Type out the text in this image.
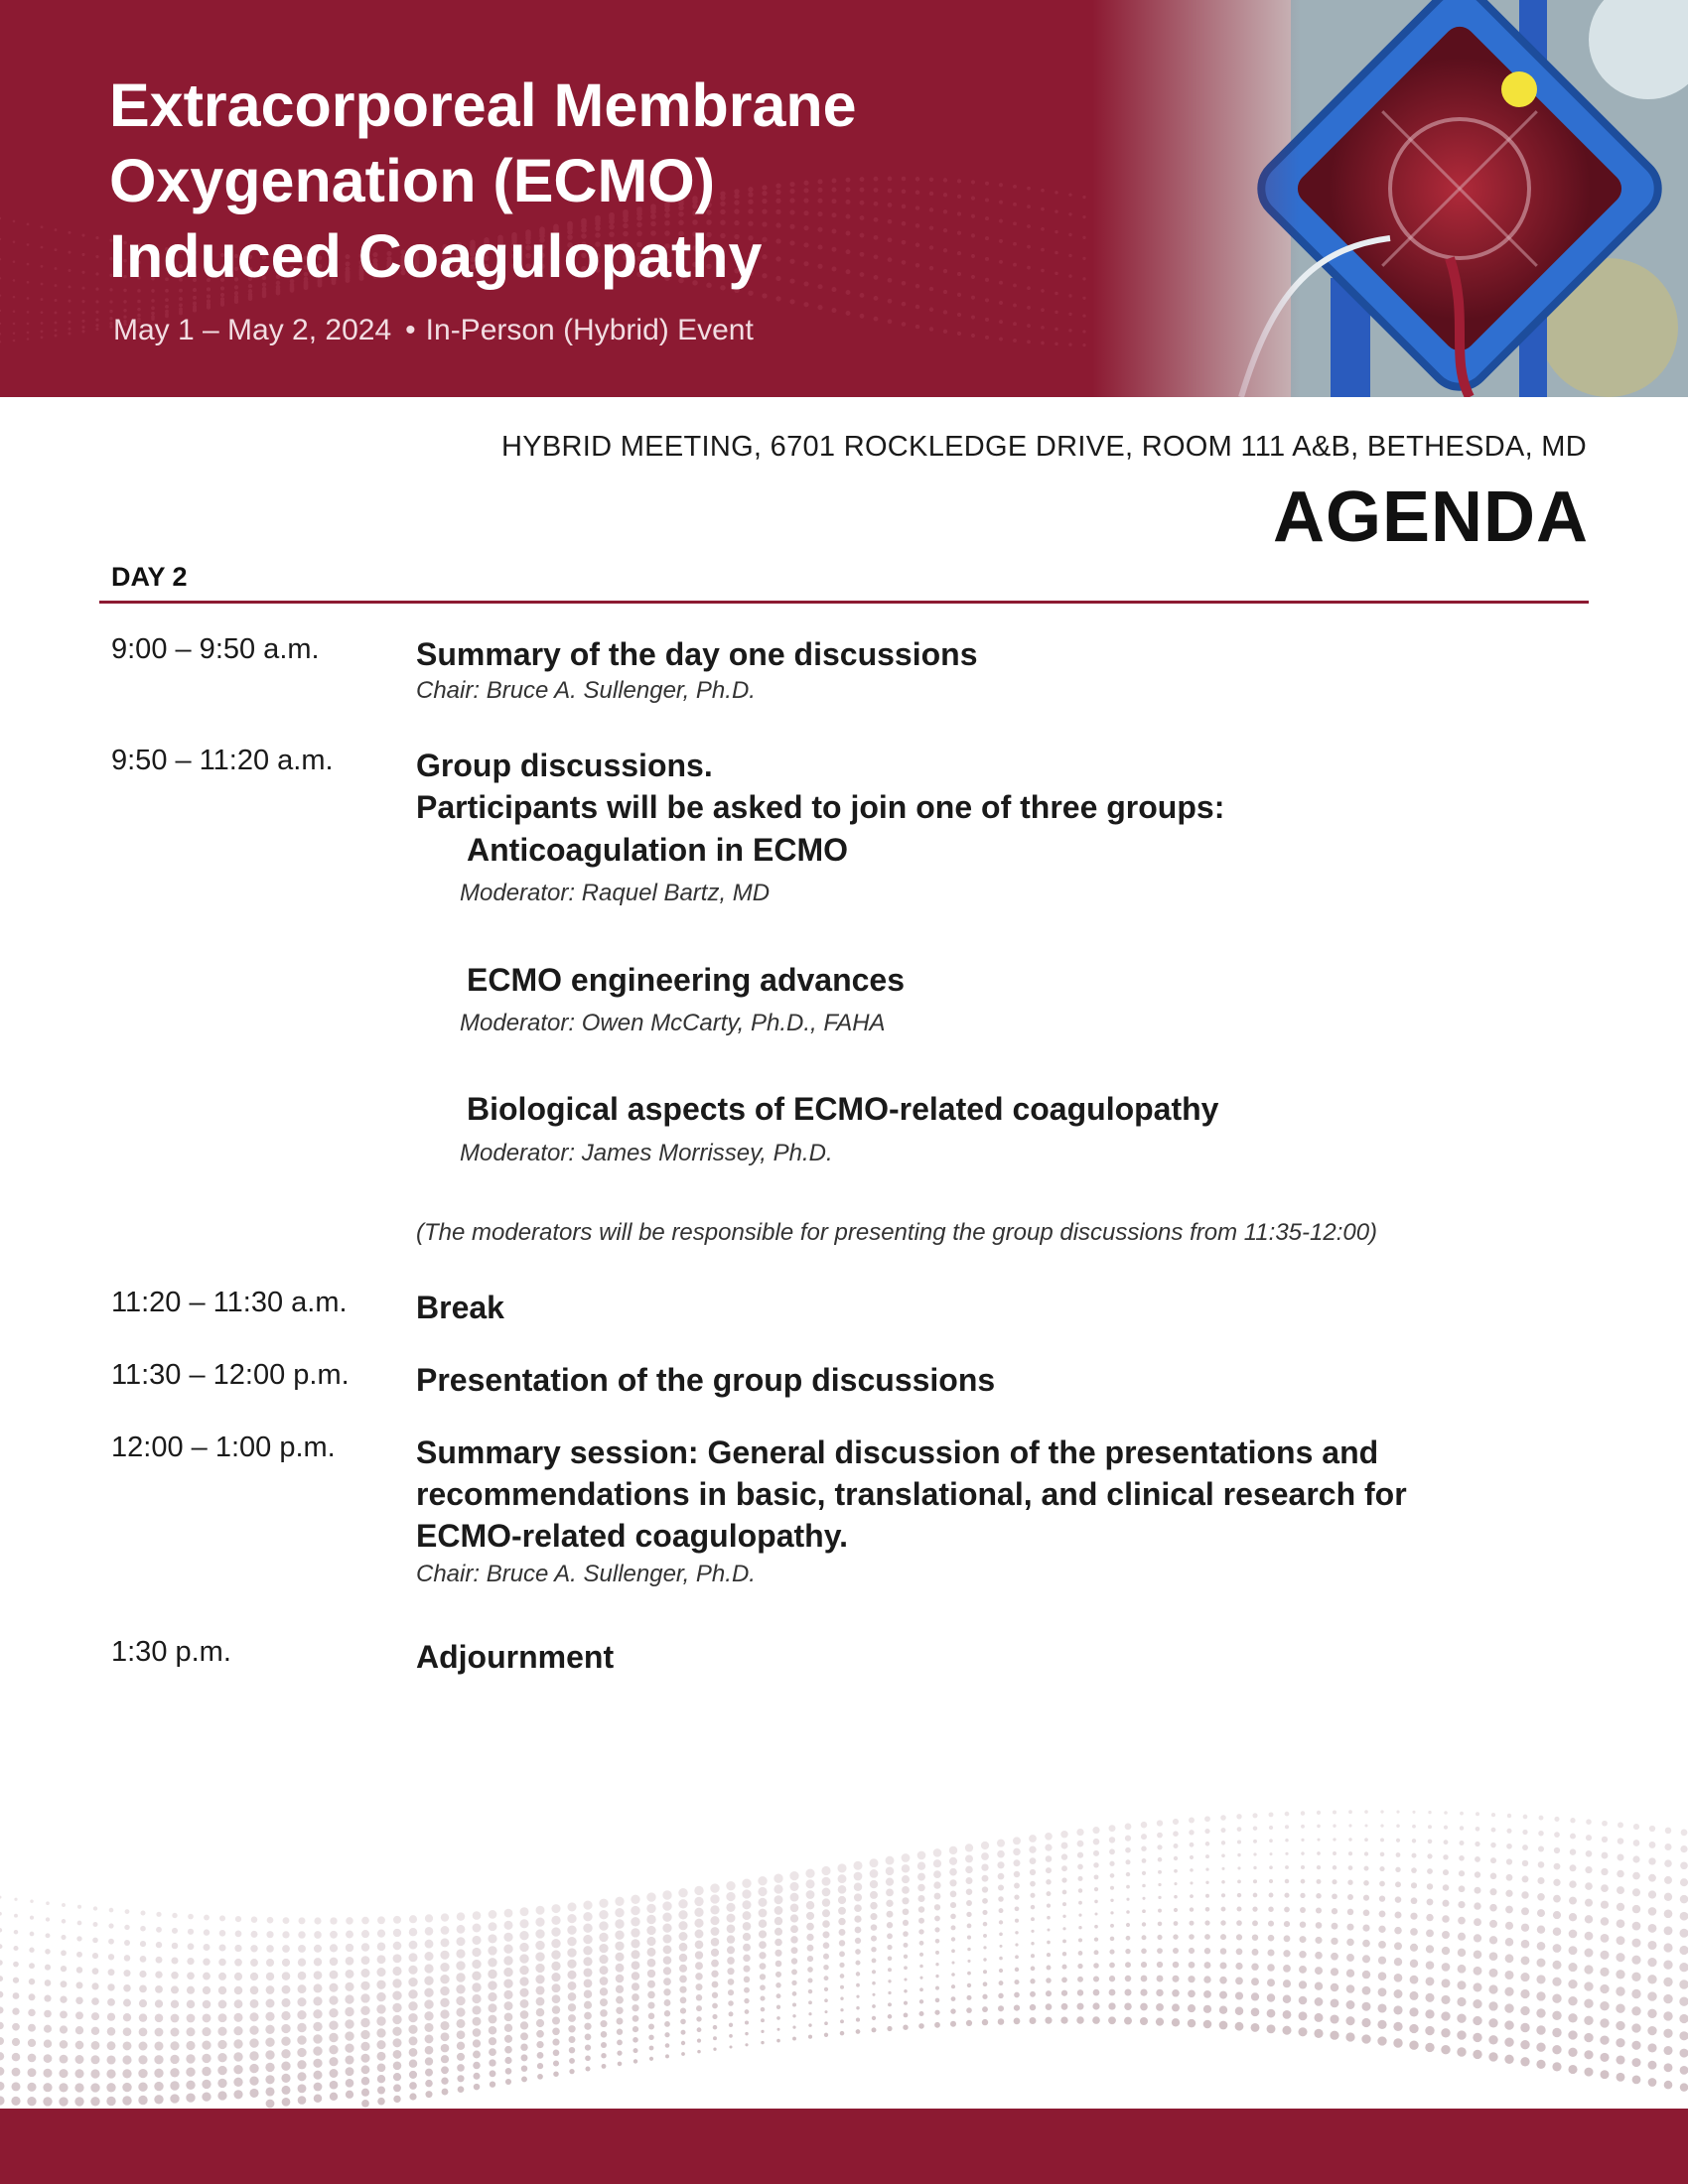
Extracorporeal Membrane
Oxygenation (ECMO)
Induced Coagulopathy
May 1 – May 2, 2024 • In-Person (Hybrid) Event
HYBRID MEETING, 6701 ROCKLEDGE DRIVE, ROOM 111 A&B, BETHESDA, MD
AGENDA
DAY 2
9:00 – 9:50 a.m.	Summary of the day one discussions
Chair: Bruce A. Sullenger, Ph.D.
9:50 – 11:20 a.m.	Group discussions.
Participants will be asked to join one of three groups:
Anticoagulation in ECMO
Moderator: Raquel Bartz, MD
ECMO engineering advances
Moderator: Owen McCarty, Ph.D., FAHA
Biological aspects of ECMO-related coagulopathy
Moderator: James Morrissey, Ph.D.
(The moderators will be responsible for presenting the group discussions from 11:35-12:00)
11:20 – 11:30 a.m. Break
11:30 – 12:00 p.m. Presentation of the group discussions
12:00 – 1:00 p.m.	Summary session: General discussion of the presentations and
recommendations in basic, translational, and clinical research for
ECMO-related coagulopathy.
Chair: Bruce A. Sullenger, Ph.D.
1:30 p.m.	Adjournment
